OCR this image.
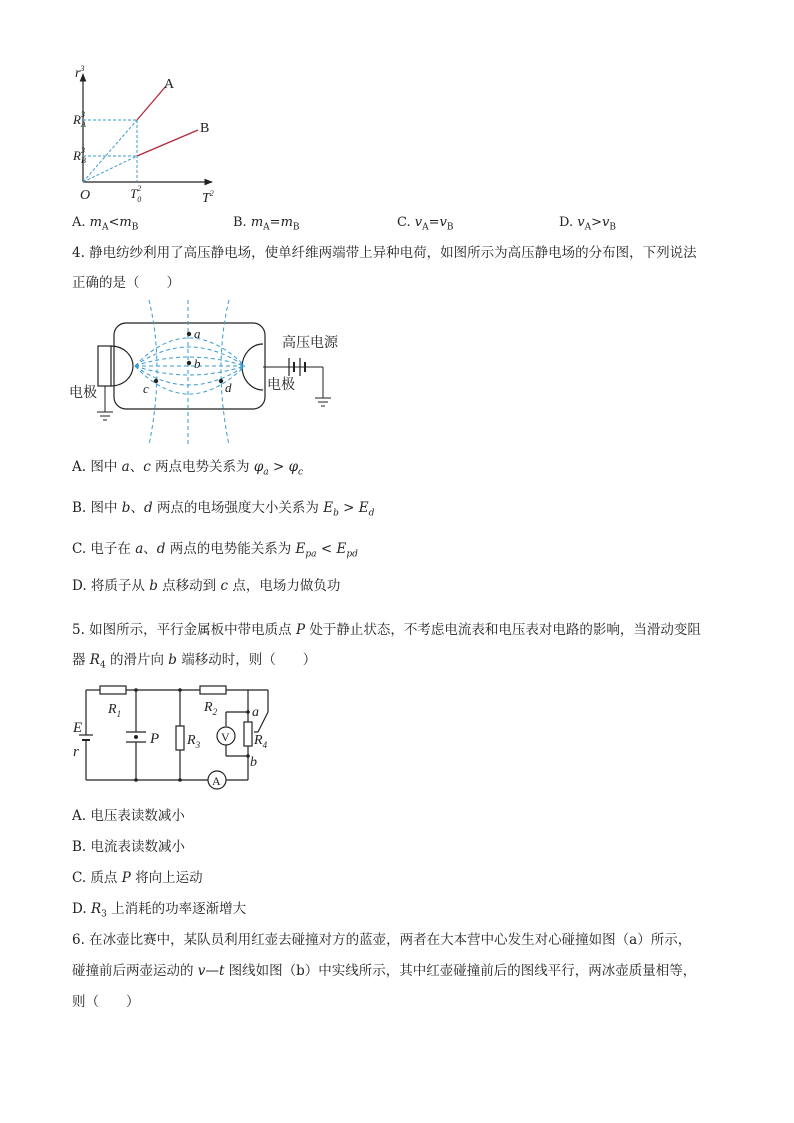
$r^3$
$T^2$
O
$R^3$ A
$R^3$ B
$T^2$ 0
A
B
A. $m_A<m_B$	B. $m_A=m_B$	C. $v_A=v_B$	D. $v_A>v_B$
4. 静电纺纱利用了高压静电场，使单纤维两端带上异种电荷，如图所示为高压静电场的分布图，下列说法
正确的是（　　）
a
b
c	d
电极
电极
高压电源
A. 图中 a、c 两点电势关系为 $\varphi_a > \varphi_c$
B. 图中 b、d 两点的电场强度大小关系为 $E_b > E_d$
C. 电子在 a、d 两点的电势能关系为 $E_{pa} < E_{pd}$
D. 将质子从 b 点移动到 c 点，电场力做负功
5. 如图所示，平行金属板中带电质点 P 处于静止状态，不考虑电流表和电压表对电路的影响，当滑动变阻
器 $R_4$ 的滑片向 b 端移动时，则（　　）
E
r
$R_1$	$R_2$
$R_3$	$R_4$
P	V
A
a
b
A. 电压表读数减小
B. 电流表读数减小
C. 质点 P 将向上运动
D. $R_3$ 上消耗的功率逐渐增大
6. 在冰壶比赛中，某队员利用红壶去碰撞对方的蓝壶，两者在大本营中心发生对心碰撞如图（a）所示，
碰撞前后两壶运动的 v—t 图线如图（b）中实线所示，其中红壶碰撞前后的图线平行，两冰壶质量相等，
则（　　）
